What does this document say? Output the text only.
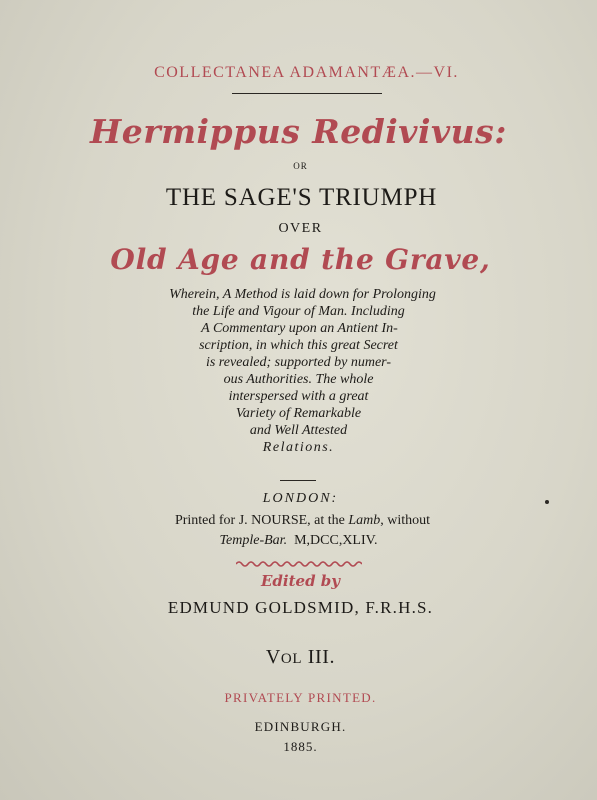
COLLECTANEA ADAMANTÆA.—VI.
Hermippus Redivivus:
OR
THE SAGE'S TRIUMPH
OVER
Old Age and the Grave,
Wherein, A Method is laid down for Prolonging
the Life and Vigour of Man. Including
A Commentary upon an Antient In-
scription, in which this great Secret
is revealed; supported by numer-
ous Authorities. The whole
interspersed with a great
Variety of Remarkable
and Well Attested
Relations.
LONDON:
Printed for J. NOURSE, at the Lamb, without
Temple-Bar. M,DCC,XLIV.
Edited by
EDMUND GOLDSMID, F.R.H.S.
VOL III.
PRIVATELY PRINTED.
EDINBURGH.
1885.
